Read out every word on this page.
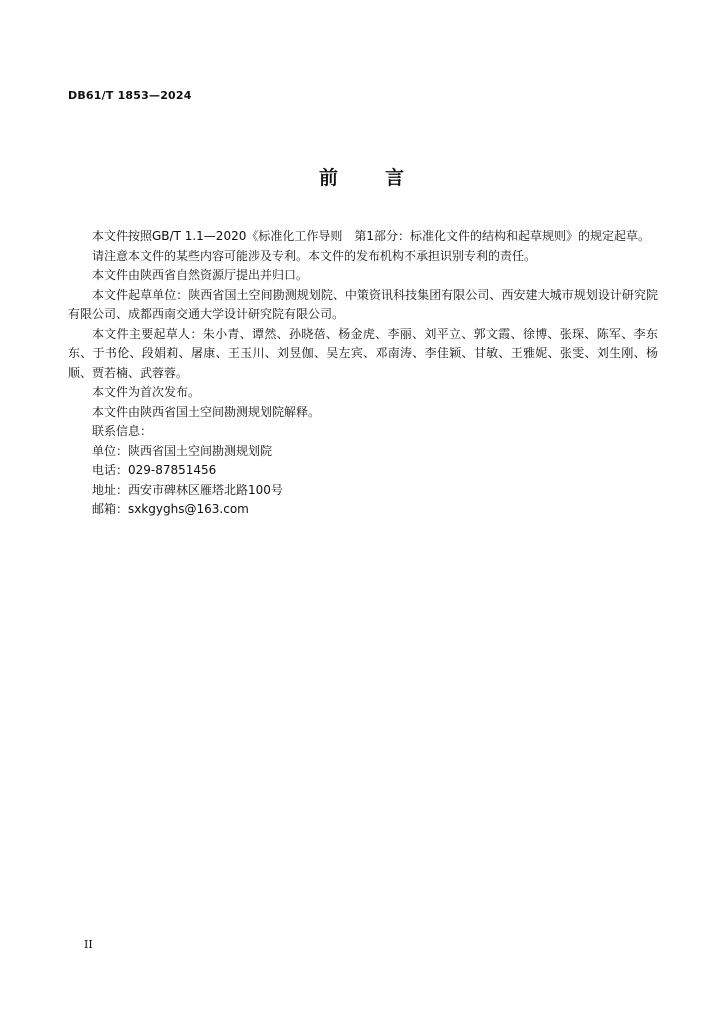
DB61/T 1853—2024
前 言

本文件按照GB/T 1.1—2020《标准化工作导则　第1部分：标准化文件的结构和起草规则》的规定起草。

请注意本文件的某些内容可能涉及专利。本文件的发布机构不承担识别专利的责任。

本文件由陕西省自然资源厅提出并归口。

本文件起草单位：陕西省国土空间勘测规划院、中策资讯科技集团有限公司、西安建大城市规划设计研究院有限公司、成都西南交通大学设计研究院有限公司。

本文件主要起草人：朱小青、谭然、孙晓蓓、杨金虎、李丽、刘平立、郭文霞、徐博、张琛、陈军、李东东、于书伦、段娟莉、屠康、王玉川、刘昱伽、吴左宾、邓南涛、李佳颖、甘敏、王雅妮、张雯、刘生刚、杨顺、贾若楠、武蓉蓉。

本文件为首次发布。

本文件由陕西省国土空间勘测规划院解释。

联系信息：

单位：陕西省国土空间勘测规划院

电话：029-87851456

地址：西安市碑林区雁塔北路100号

邮箱：sxkgyghs@163.com

II
